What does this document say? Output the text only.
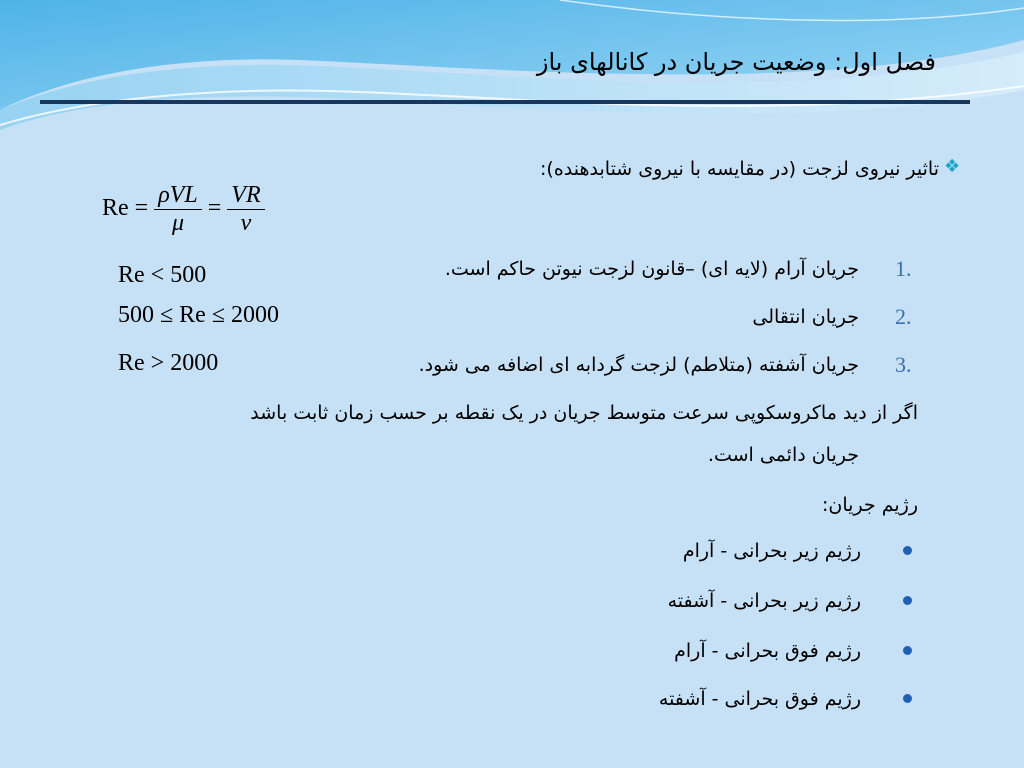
فصل اول: وضعیت جریان در کانالهای باز
تاثیر نیروی لزجت (در مقایسه با نیروی شتابدهنده): ❖
$Re = \frac{\text{ρVL}}{\mu} = \frac{VR}{\nu}$
1.
جریان آرام (لایه ای) –قانون لزجت نیوتن حاکم است.
Re < 500
2.
جریان انتقالی
500 ≤ Re ≤ 2000
3.
جریان آشفته (متلاطم) لزجت گردابه ای اضافه می شود.
Re > 2000
اگر از دید ماکروسکوپی سرعت متوسط جریان در یک نقطه بر حسب زمان ثابت باشد
جریان دائمی است.
رژیم جریان:
رژیم زیر بحرانی - آرام
رژیم زیر بحرانی - آشفته
رژیم فوق بحرانی - آرام
رژیم فوق بحرانی - آشفته
